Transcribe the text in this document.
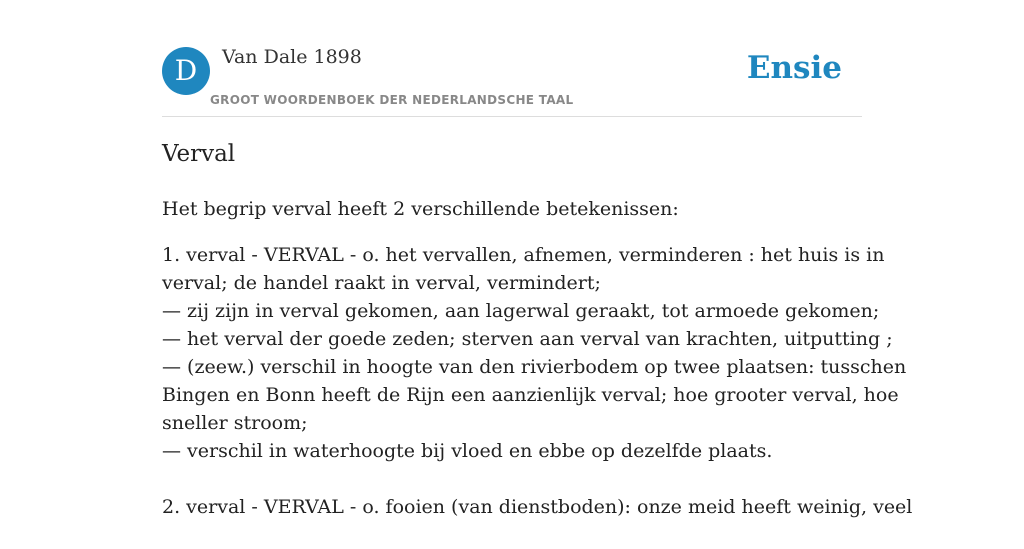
D	Van Dale 1898
GROOT WOORDENBOEK DER NEDERLANDSCHE TAAL
Ensie
Verval

Het begrip verval heeft 2 verschillende betekenissen:

1. verval - VERVAL - o. het vervallen, afnemen, verminderen : het huis is in
verval; de handel raakt in verval, vermindert;
— zij zijn in verval gekomen, aan lagerwal geraakt, tot armoede gekomen;
— het verval der goede zeden; sterven aan verval van krachten, uitputting ;
— (zeew.) verschil in hoogte van den rivierbodem op twee plaatsen: tusschen
Bingen en Bonn heeft de Rijn een aanzienlijk verval; hoe grooter verval, hoe
sneller stroom;
— verschil in waterhoogte bij vloed en ebbe op dezelfde plaats.
2. verval - VERVAL - o. fooien (van dienstboden): onze meid heeft weinig, veel
